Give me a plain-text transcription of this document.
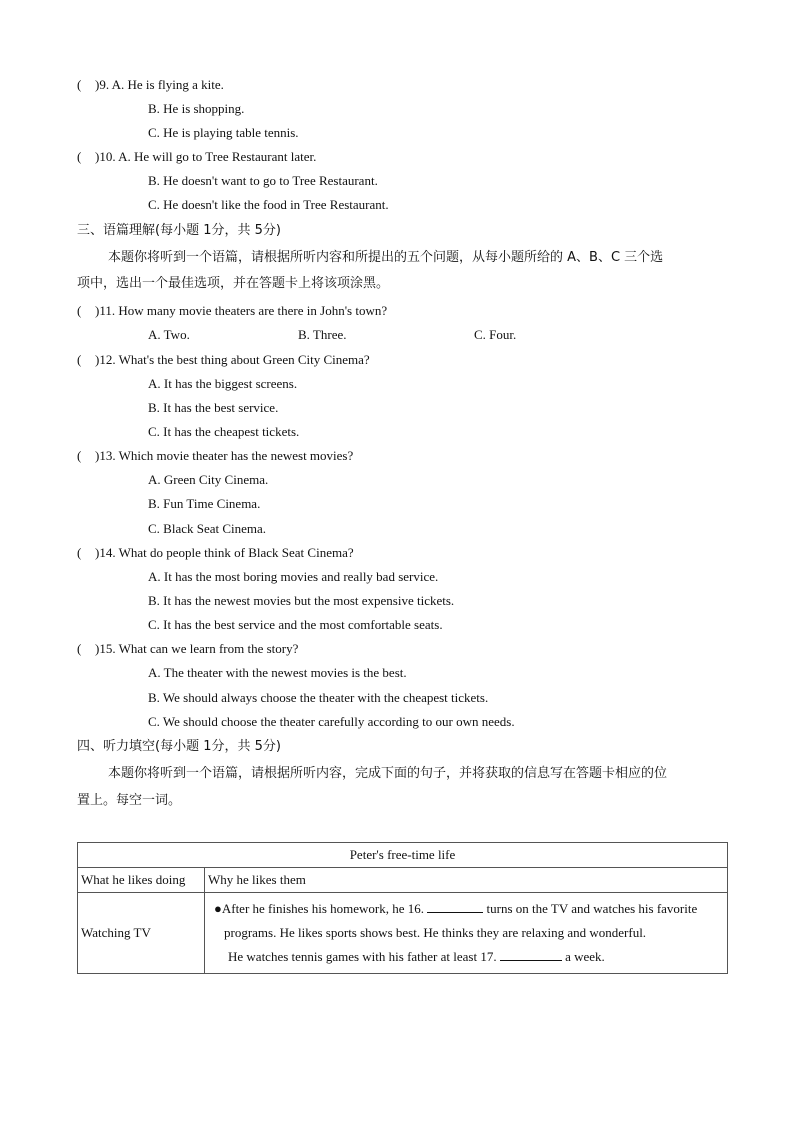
( )9. A. He is flying a kite.
B. He is shopping.
C. He is playing table tennis.
( )10. A. He will go to Tree Restaurant later.
B. He doesn't want to go to Tree Restaurant.
C. He doesn't like the food in Tree Restaurant.
三、语篇理解(每小题 1分，共 5分)
本题你将听到一个语篇，请根据所听内容和所提出的五个问题，从每小题所给的 A、B、C 三个选
项中，选出一个最佳选项，并在答题卡上将该项涂黑。
( )11. How many movie theaters are there in John's town?
A. Two.	B. Three.	C. Four.
( )12. What's the best thing about Green City Cinema?
A. It has the biggest screens.
B. It has the best service.
C. It has the cheapest tickets.
( )13. Which movie theater has the newest movies?
A. Green City Cinema.
B. Fun Time Cinema.
C. Black Seat Cinema.
( )14. What do people think of Black Seat Cinema?
A. It has the most boring movies and really bad service.
B. It has the newest movies but the most expensive tickets.
C. It has the best service and the most comfortable seats.
( )15. What can we learn from the story?
A. The theater with the newest movies is the best.
B. We should always choose the theater with the cheapest tickets.
C. We should choose the theater carefully according to our own needs.
四、听力填空(每小题 1分，共 5分)
本题你将听到一个语篇，请根据所听内容，完成下面的句子，并将获取的信息写在答题卡相应的位
置上。每空一词。
Peter's free-time life	
What he likes doing	Why he likes them
Watching TV	●After he finishes his homework, he 16. turns on the TV and watches his favorite
programs. He likes sports shows best. He thinks they are relaxing and wonderful.
He watches tennis games with his father at least 17. a week.
